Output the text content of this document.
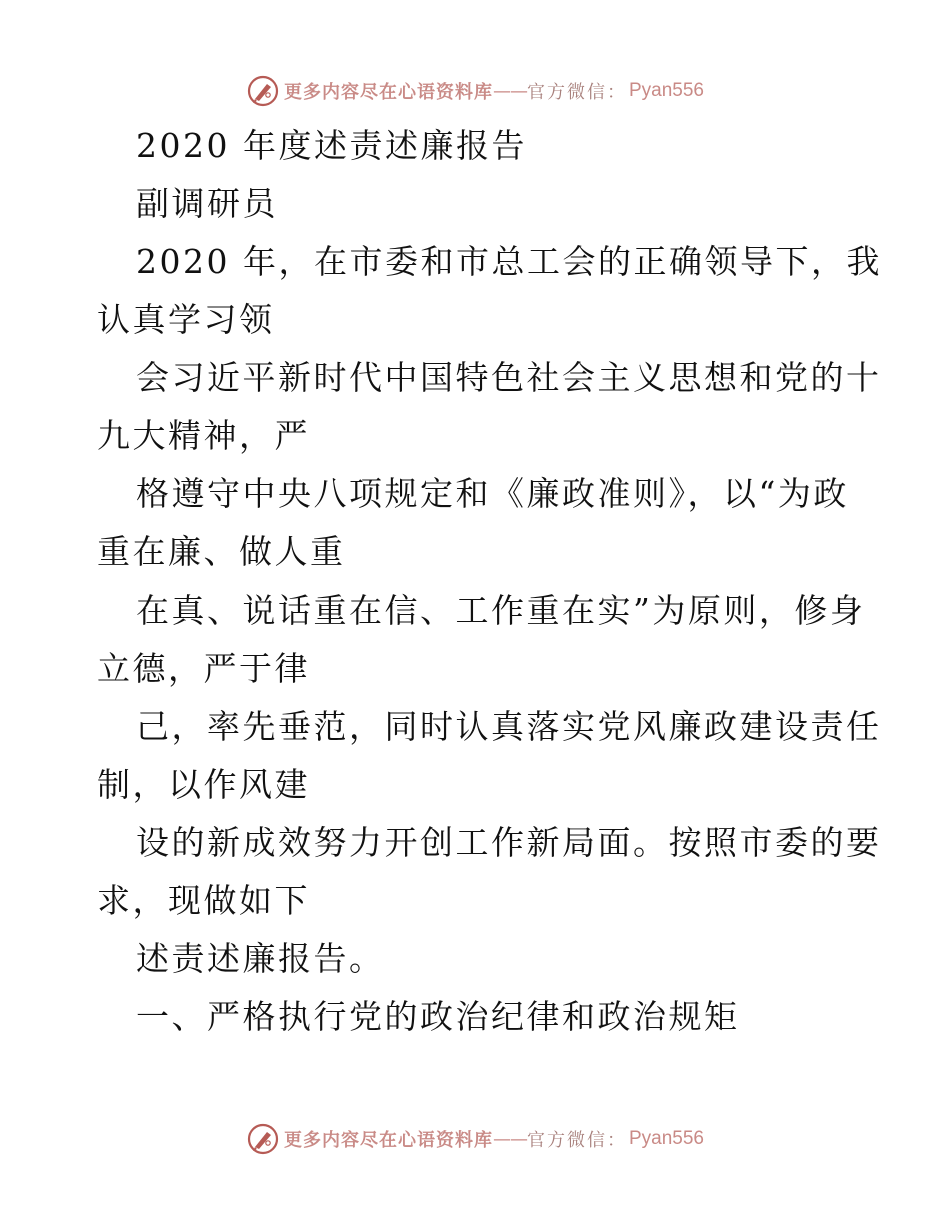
更多内容尽在心语资料库 —— 官方微信： Pyan556
2020 年度述责述廉报告
副调研员
2020 年，在市委和市总工会的正确领导下，我
认真学习领
会习近平新时代中国特色社会主义思想和党的十
九大精神，严
格遵守中央八项规定和《廉政准则》，以“为政
重在廉、做人重
在真、说话重在信、工作重在实”为原则，修身
立德，严于律
己，率先垂范，同时认真落实党风廉政建设责任
制，以作风建
设的新成效努力开创工作新局面。按照市委的要
求，现做如下
述责述廉报告。
一、严格执行党的政治纪律和政治规矩
更多内容尽在心语资料库 —— 官方微信： Pyan556
